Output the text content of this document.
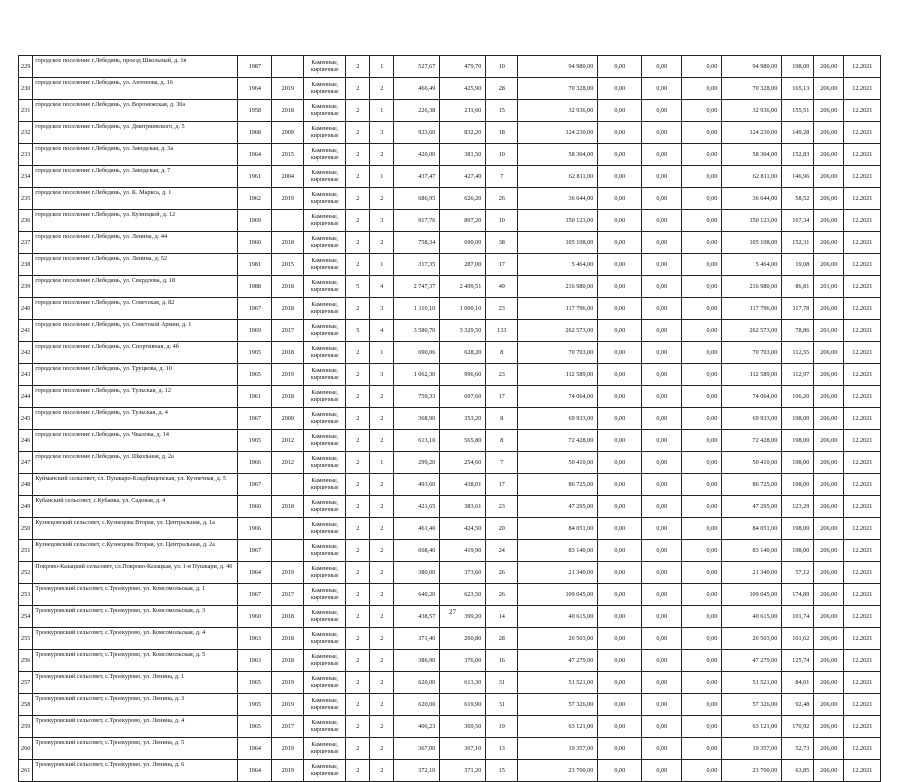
229	городское поселение г.Лебедянь, проезд Школьный, д. 1в	1987		Каменные, кирпичные	2	1	527,67	479,70	10	94 980,00	0,00	0,00	0,00	94 980,00	198,00	206,00	12.2021
230	городское поселение г.Лебедянь, ул. Антонова, д. 16	1964	2019	Каменные, кирпичные	2	2	466,49	425,90	28	70 328,00	0,00	0,00	0,00	70 328,00	165,13	206,00	12.2021
231	городское поселение г.Лебедянь, ул. Воронежская, д. 30а	1958	2018	Каменные, кирпичные	2	1	226,38	211,60	15	32 936,00	0,00	0,00	0,00	32 936,00	155,51	206,00	12.2021
232	городское поселение г.Лебедянь, ул. Дмитриевского, д. 5	1968	2009	Каменные, кирпичные	2	3	923,60	832,20	18	124 230,00	0,00	0,00	0,00	124 230,00	149,28	206,00	12.2021
233	городское поселение г.Лебедянь, ул. Заводская, д. 3а	1964	2015	Каменные, кирпичные	2	2	420,00	381,50	10	58 304,00	0,00	0,00	0,00	58 304,00	152,83	206,00	12.2021
234	городское поселение г.Лебедянь, ул. Заводская, д. 7	1961	2004	Каменные, кирпичные	2	1	437,47	427,40	7	62 811,00	0,00	0,00	0,00	62 811,00	146,96	206,00	12.2021
235	городское поселение г.Лебедянь, ул. К. Маркса, д. 1	1962	2019	Каменные, кирпичные	2	2	686,95	626,20	26	36 644,00	0,00	0,00	0,00	36 644,00	58,52	206,00	12.2021
236	городское поселение г.Лебедянь, ул. Кузнецкой, д. 12	1969		Каменные, кирпичные	2	3	917,76	897,20	10	150 123,00	0,00	0,00	0,00	150 123,00	167,34	206,00	12.2021
237	городское поселение г.Лебедянь, ул. Ленина, д. 44	1960	2018	Каменные, кирпичные	2	2	758,34	690,00	38	105 108,00	0,00	0,00	0,00	105 108,00	152,31	206,00	12.2021
238	городское поселение г.Лебедянь, ул. Ленина, д. 52	1981	2015	Каменные, кирпичные	2	1	317,35	287,00	17	5 464,00	0,00	0,00	0,00	5 464,00	19,08	206,00	12.2021
239	городское поселение г.Лебедянь, ул. Свердлова, д. 18	1988	2018	Каменные, кирпичные	5	4	2 747,37	2 499,51	49	216 980,00	0,00	0,00	0,00	216 980,00	86,81	201,00	12.2021
240	городское поселение г.Лебедянь, ул. Советская, д. 82	1967	2018	Каменные, кирпичные	2	3	1 110,10	1 000,10	23	117 796,00	0,00	0,00	0,00	117 796,00	117,78	206,00	12.2021
241	городское поселение г.Лебедянь, ул. Советской Армии, д. 1	1969	2017	Каменные, кирпичные	5	4	3 580,70	3 329,50	133	262 573,00	0,00	0,00	0,00	262 573,00	78,86	201,00	12.2021
242	городское поселение г.Лебедянь, ул. Спортивная, д. 4б	1965	2018	Каменные, кирпичные	2	1	690,06	628,20	8	70 703,00	0,00	0,00	0,00	70 703,00	112,55	206,00	12.2021
243	городское поселение г.Лебедянь, ул. Труцкова, д. 10	1965	2019	Каменные, кирпичные	2	3	1 062,30	996,60	23	112 589,00	0,00	0,00	0,00	112 589,00	112,97	206,00	12.2021
244	городское поселение г.Лебедянь, ул. Тульская, д. 12	1961	2018	Каменные, кирпичные	2	2	759,33	697,60	17	74 064,00	0,00	0,00	0,00	74 064,00	106,20	206,00	12.2021
245	городское поселение г.Лебедянь, ул. Тульская, д. 4	1967	2009	Каменные, кирпичные	2	2	368,90	353,20	8	69 933,00	0,00	0,00	0,00	69 933,00	198,00	206,00	12.2021
246	городское поселение г.Лебедянь, ул. Чкалова, д. 14	1965	2012	Каменные, кирпичные	2	2	613,10	565,80	8	72 428,00	0,00	0,00	0,00	72 428,00	198,00	206,00	12.2021
247	городское поселение г.Лебедянь, ул. Школьная, д. 2а	1966	2012	Каменные, кирпичные	2	1	299,20	254,60	7	50 410,00	0,00	0,00	0,00	50 410,00	198,00	206,00	12.2021
248	Куйманский сельсовет, сл. Пушкаро-Кладбищенская, ул. Кузнечная, д. 5	1967		Каменные, кирпичные	2	2	493,60	438,01	17	86 725,00	0,00	0,00	0,00	86 725,00	198,00	206,00	12.2021
249	Кубанский сельсовет, с.Кубанка, ул. Садовая, д. 4	1960	2018	Каменные, кирпичные	2	2	421,65	383,61	23	47 295,00	0,00	0,00	0,00	47 295,00	123,29	206,00	12.2021
250	Кузнецовский сельсовет, с.Кузнецова Вторая, ул. Центральная, д. 1а	1966		Каменные, кирпичные	2	2	461,40	424,50	20	84 051,00	0,00	0,00	0,00	84 051,00	198,00	206,00	12.2021
251	Кузнецовский сельсовет, с.Кузнецова Вторая, ул. Центральная, д. 2а	1967		Каменные, кирпичные	2	2	668,40	419,90	24	83 140,00	0,00	0,00	0,00	83 140,00	198,00	206,00	12.2021
252	Покрово-Казацкий сельсовет, сл.Покрово-Казацкая, ул. 1-я Пушкари, д. 46	1964	2019	Каменные, кирпичные	2	2	380,00	373,60	26	21 340,00	0,00	0,00	0,00	21 340,00	57,12	206,00	12.2021
253	Троекуровский сельсовет, с.Троекурово, ул. Комсомольская, д. 1	1967	2017	Каменные, кирпичные	2	2	640,20	623,50	26	109 045,00	0,00	0,00	0,00	109 045,00	174,89	206,00	12.2021
254	Троекуровский сельсовет, с.Троекурово, ул. Комсомольская, д. 3	1960	2018	Каменные, кирпичные	2	2	438,57	399,20	14	40 615,00	0,00	0,00	0,00	40 615,00	101,74	206,00	12.2021
255	Троекуровский сельсовет, с.Троекурово, ул. Комсомольская, д. 4	1963	2018	Каменные, кирпичные	2	2	371,40	260,80	28	26 503,00	0,00	0,00	0,00	26 503,00	101,62	206,00	12.2021
256	Троекуровский сельсовет, с.Троекурово, ул. Комсомольская, д. 5	1963	2018	Каменные, кирпичные	2	2	386,90	376,00	16	47 279,00	0,00	0,00	0,00	47 279,00	125,74	206,00	12.2021
257	Троекуровский сельсовет, с.Троекурово, ул. Ленина, д. 1	1965	2019	Каменные, кирпичные	2	2	620,00	613,30	31	51 521,00	0,00	0,00	0,00	51 521,00	84,01	206,00	12.2021
258	Троекуровский сельсовет, с.Троекурово, ул. Ленина, д. 3	1965	2019	Каменные, кирпичные	2	2	620,00	619,90	31	57 326,00	0,00	0,00	0,00	57 326,00	92,48	206,00	12.2021
259	Троекуровский сельсовет, с.Троекурово, ул. Ленина, д. 4	1965	2017	Каменные, кирпичные	2	2	406,23	369,50	19	63 121,00	0,00	0,00	0,00	63 121,00	170,92	206,00	12.2021
260	Троекуровский сельсовет, с.Троекурово, ул. Ленина, д. 5	1964	2019	Каменные, кирпичные	2	2	367,00	367,10	13	19 357,00	0,00	0,00	0,00	19 357,00	52,73	206,00	12.2021
261	Троекуровский сельсовет, с.Троекурово, ул. Ленина, д. 6	1964	2019	Каменные, кирпичные	2	2	372,10	371,20	15	23 700,00	0,00	0,00	0,00	23 700,00	63,85	206,00	12.2021
27
